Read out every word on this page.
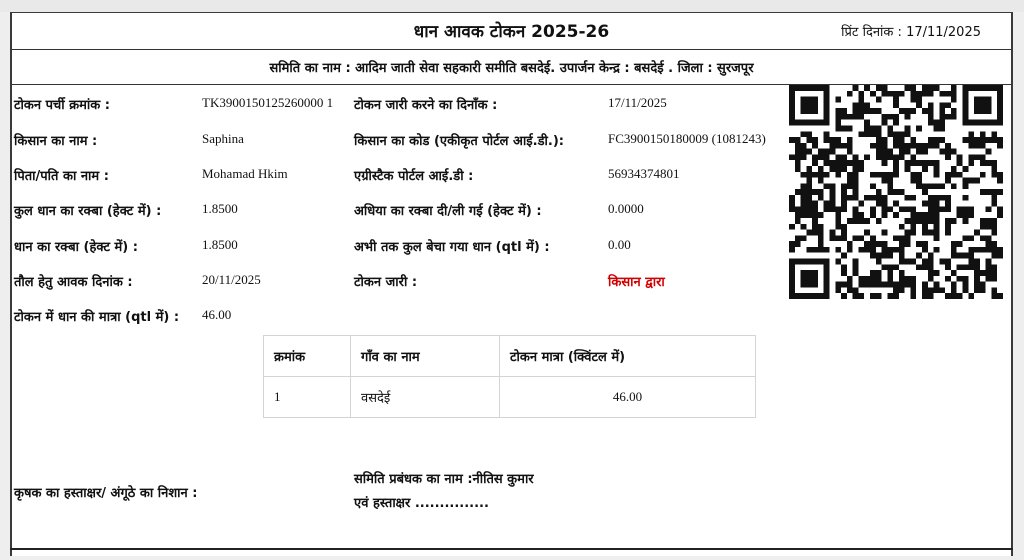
धान आवक टोकन 2025-26	प्रिंट दिनांक : 17/11/2025
समिति का नाम : आदिम जाती सेवा सहकारी समीति बसदेई. उपार्जन केन्द्र : बसदेई . जिला : सुरजपूर
टोकन पर्ची क्रमांक :	TK3900150125260000 1 टोकन जारी करने का दिनाँक :	17/11/2025
किसान का नाम :	Saphina	किसान का कोड (एकीकृत पोर्टल आई.डी.):	FC3900150180009 (1081243)
पिता/पति का नाम :	Mohamad Hkim	एग्रीस्टैक पोर्टल आई.डी :	56934374801
कुल धान का रक्बा (हेक्ट में) :	1.8500	अधिया का रक्बा दी/ली गई (हेक्ट में) :	0.0000
धान का रक्बा (हेक्ट में) :	1.8500	अभी तक कुल बेचा गया धान (qtl में) :	0.00
तौल हेतु आवक दिनांक :	20/11/2025	टोकन जारी :	किसान द्वारा
टोकन में धान की मात्रा (qtl में) : 46.00
क्रमांक	गाँव का नाम	टोकन मात्रा (क्विंटल में)
1	वसदेई	46.00
कृषक का हस्ताक्षर/ अंगूठे का निशान :
समिति प्रबंधक का नाम :नीतिस कुमार
एवं हस्ताक्षर ...............
